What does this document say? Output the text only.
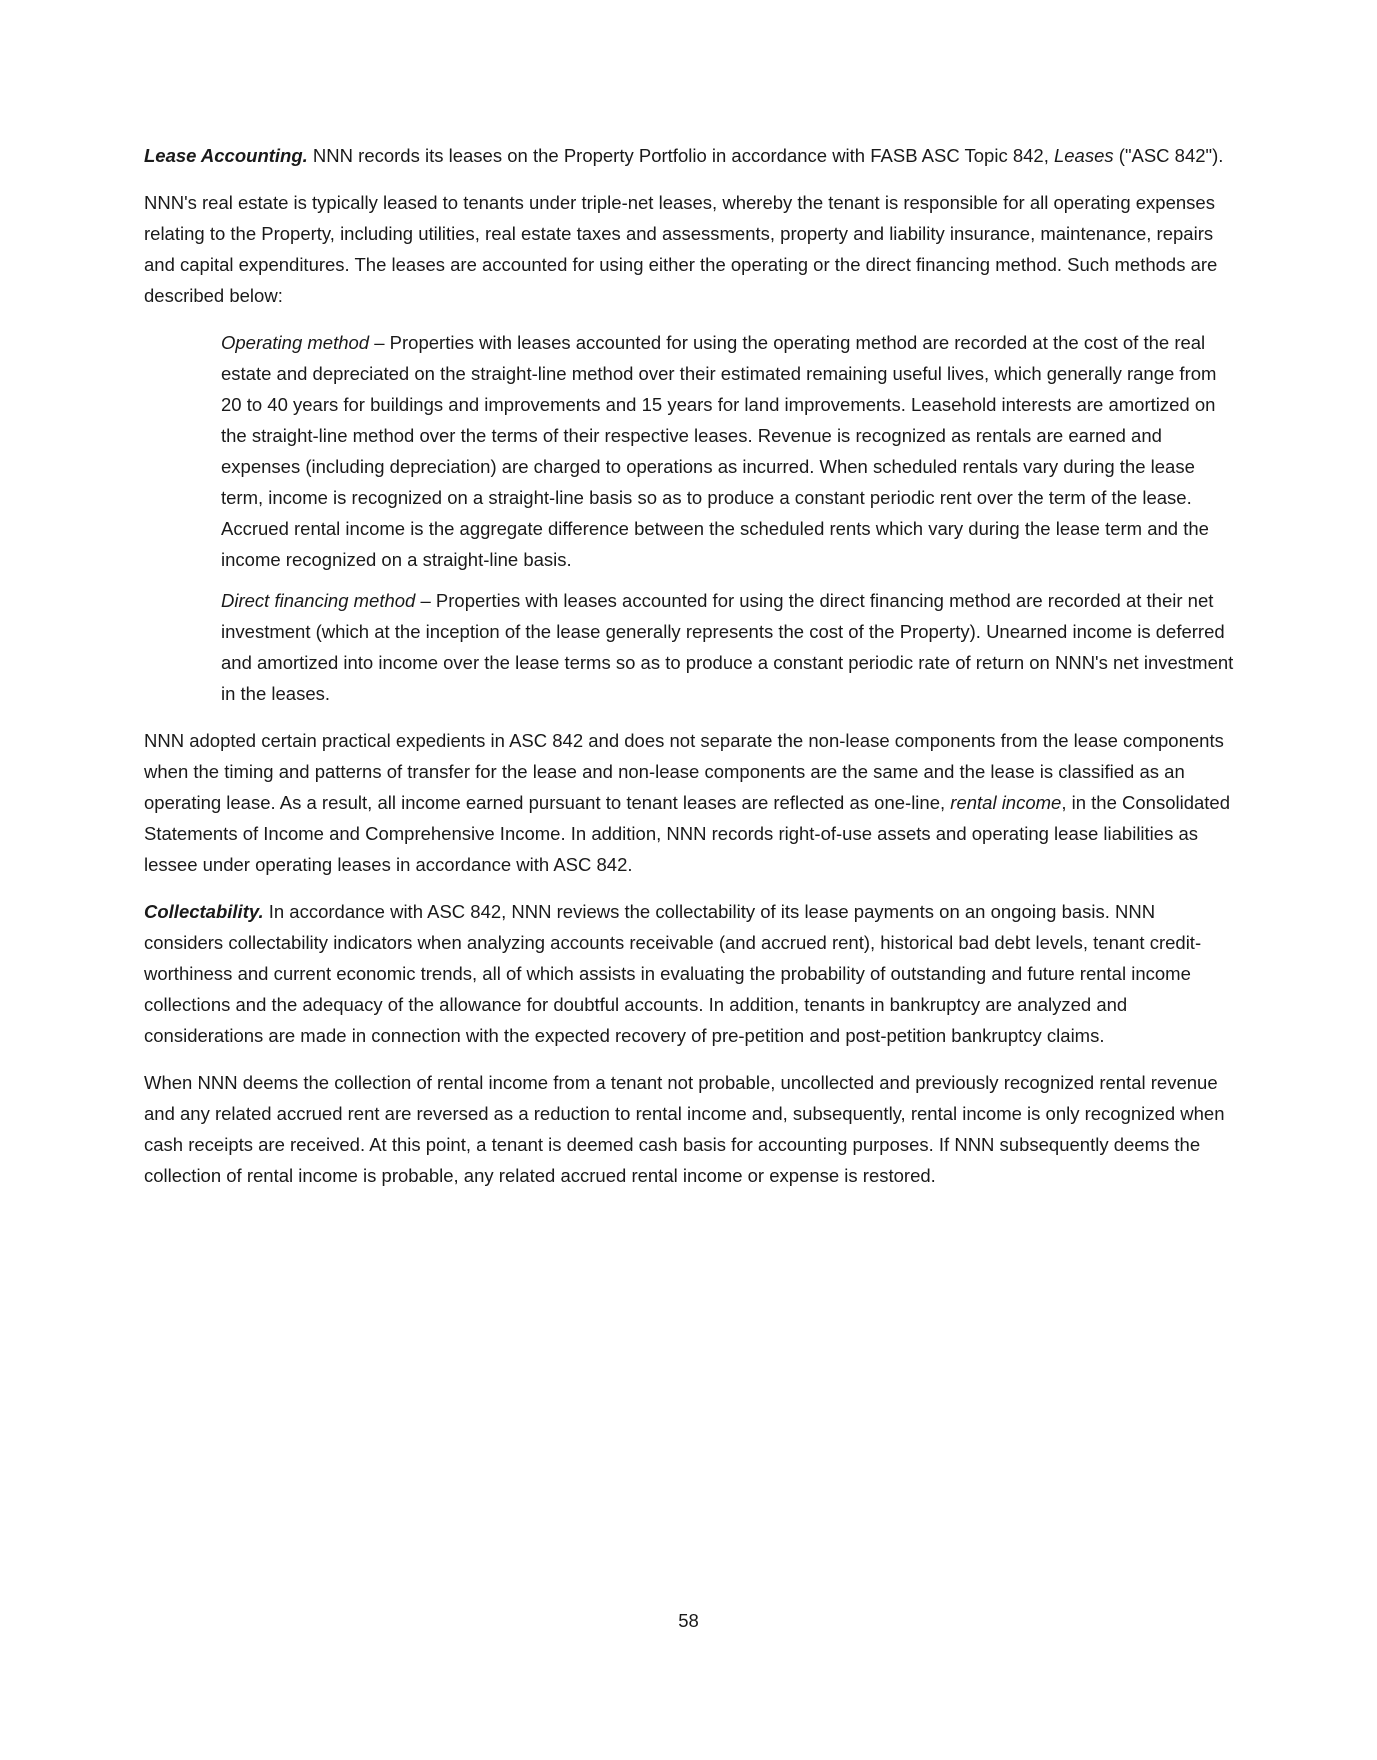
Lease Accounting. NNN records its leases on the Property Portfolio in accordance with FASB ASC Topic 842, Leases ("ASC 842").

NNN's real estate is typically leased to tenants under triple-net leases, whereby the tenant is responsible for all operating expenses relating to the Property, including utilities, real estate taxes and assessments, property and liability insurance, maintenance, repairs and capital expenditures. The leases are accounted for using either the operating or the direct financing method. Such methods are described below:

Operating method – Properties with leases accounted for using the operating method are recorded at the cost of the real estate and depreciated on the straight-line method over their estimated remaining useful lives, which generally range from 20 to 40 years for buildings and improvements and 15 years for land improvements. Leasehold interests are amortized on the straight-line method over the terms of their respective leases. Revenue is recognized as rentals are earned and expenses (including depreciation) are charged to operations as incurred. When scheduled rentals vary during the lease term, income is recognized on a straight-line basis so as to produce a constant periodic rent over the term of the lease. Accrued rental income is the aggregate difference between the scheduled rents which vary during the lease term and the income recognized on a straight-line basis.

Direct financing method – Properties with leases accounted for using the direct financing method are recorded at their net investment (which at the inception of the lease generally represents the cost of the Property). Unearned income is deferred and amortized into income over the lease terms so as to produce a constant periodic rate of return on NNN's net investment in the leases.

NNN adopted certain practical expedients in ASC 842 and does not separate the non-lease components from the lease components when the timing and patterns of transfer for the lease and non-lease components are the same and the lease is classified as an operating lease. As a result, all income earned pursuant to tenant leases are reflected as one-line, rental income, in the Consolidated Statements of Income and Comprehensive Income. In addition, NNN records right-of-use assets and operating lease liabilities as lessee under operating leases in accordance with ASC 842.

Collectability. In accordance with ASC 842, NNN reviews the collectability of its lease payments on an ongoing basis. NNN considers collectability indicators when analyzing accounts receivable (and accrued rent), historical bad debt levels, tenant credit-worthiness and current economic trends, all of which assists in evaluating the probability of outstanding and future rental income collections and the adequacy of the allowance for doubtful accounts. In addition, tenants in bankruptcy are analyzed and considerations are made in connection with the expected recovery of pre-petition and post-petition bankruptcy claims.

When NNN deems the collection of rental income from a tenant not probable, uncollected and previously recognized rental revenue and any related accrued rent are reversed as a reduction to rental income and, subsequently, rental income is only recognized when cash receipts are received. At this point, a tenant is deemed cash basis for accounting purposes. If NNN subsequently deems the collection of rental income is probable, any related accrued rental income or expense is restored.

58
